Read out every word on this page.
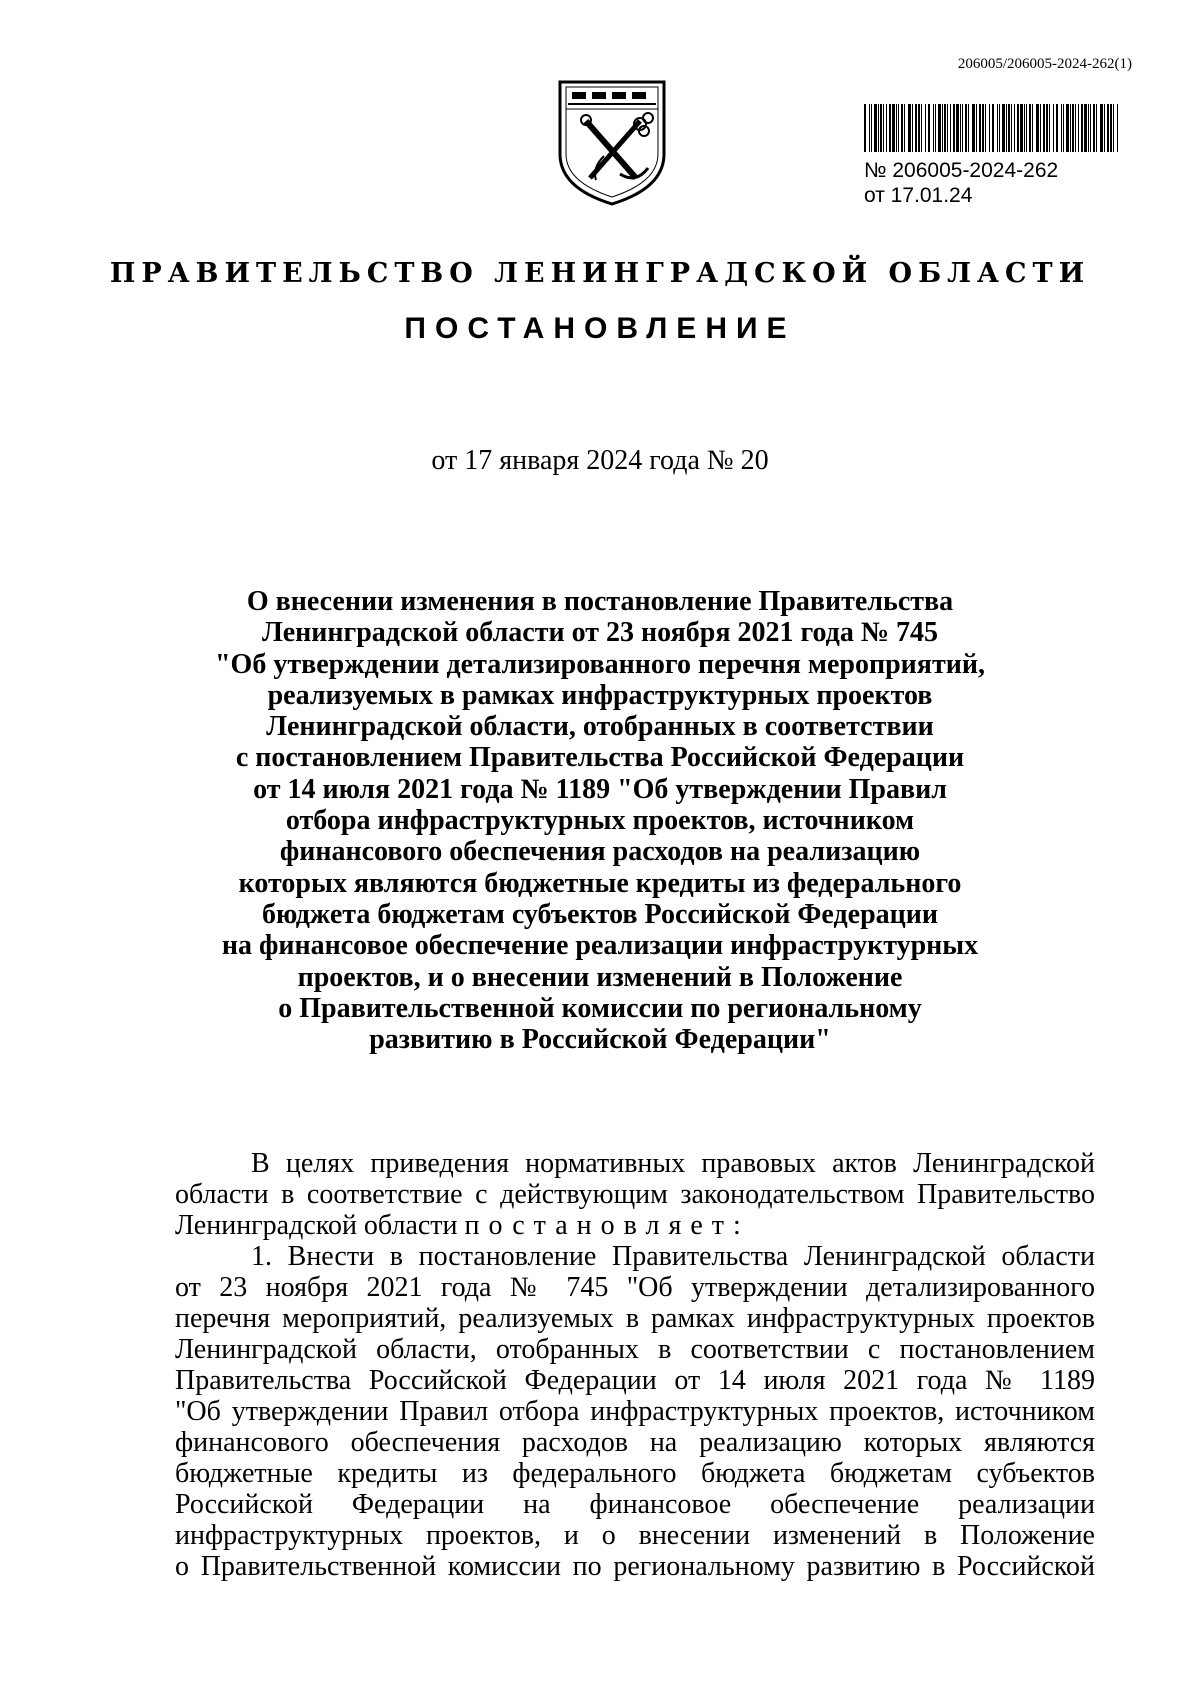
206005/206005-2024-262(1)
№ 206005-2024-262
от 17.01.24
ПРАВИТЕЛЬСТВО ЛЕНИНГРАДСКОЙ ОБЛАСТИ
ПОСТАНОВЛЕНИЕ
от 17 января 2024 года № 20
О внесении изменения в постановление Правительства
Ленинградской области от 23 ноября 2021 года № 745
"Об утверждении детализированного перечня мероприятий,
реализуемых в рамках инфраструктурных проектов
Ленинградской области, отобранных в соответствии
с постановлением Правительства Российской Федерации
от 14 июля 2021 года № 1189 "Об утверждении Правил
отбора инфраструктурных проектов, источником
финансового обеспечения расходов на реализацию
которых являются бюджетные кредиты из федерального
бюджета бюджетам субъектов Российской Федерации
на финансовое обеспечение реализации инфраструктурных
проектов, и о внесении изменений в Положение
о Правительственной комиссии по региональному
развитию в Российской Федерации"
В целях приведения нормативных правовых актов Ленинградской
области в соответствие с действующим законодательством Правительство
Ленинградской области постановляет:
1. Внести в постановление Правительства Ленинградской области
от 23 ноября 2021 года № 745 "Об утверждении детализированного
перечня мероприятий, реализуемых в рамках инфраструктурных проектов
Ленинградской области, отобранных в соответствии с постановлением
Правительства Российской Федерации от 14 июля 2021 года № 1189
"Об утверждении Правил отбора инфраструктурных проектов, источником
финансового обеспечения расходов на реализацию которых являются
бюджетные кредиты из федерального бюджета бюджетам субъектов
Российской Федерации на финансовое обеспечение реализации
инфраструктурных проектов, и о внесении изменений в Положение
о Правительственной комиссии по региональному развитию в Российской
